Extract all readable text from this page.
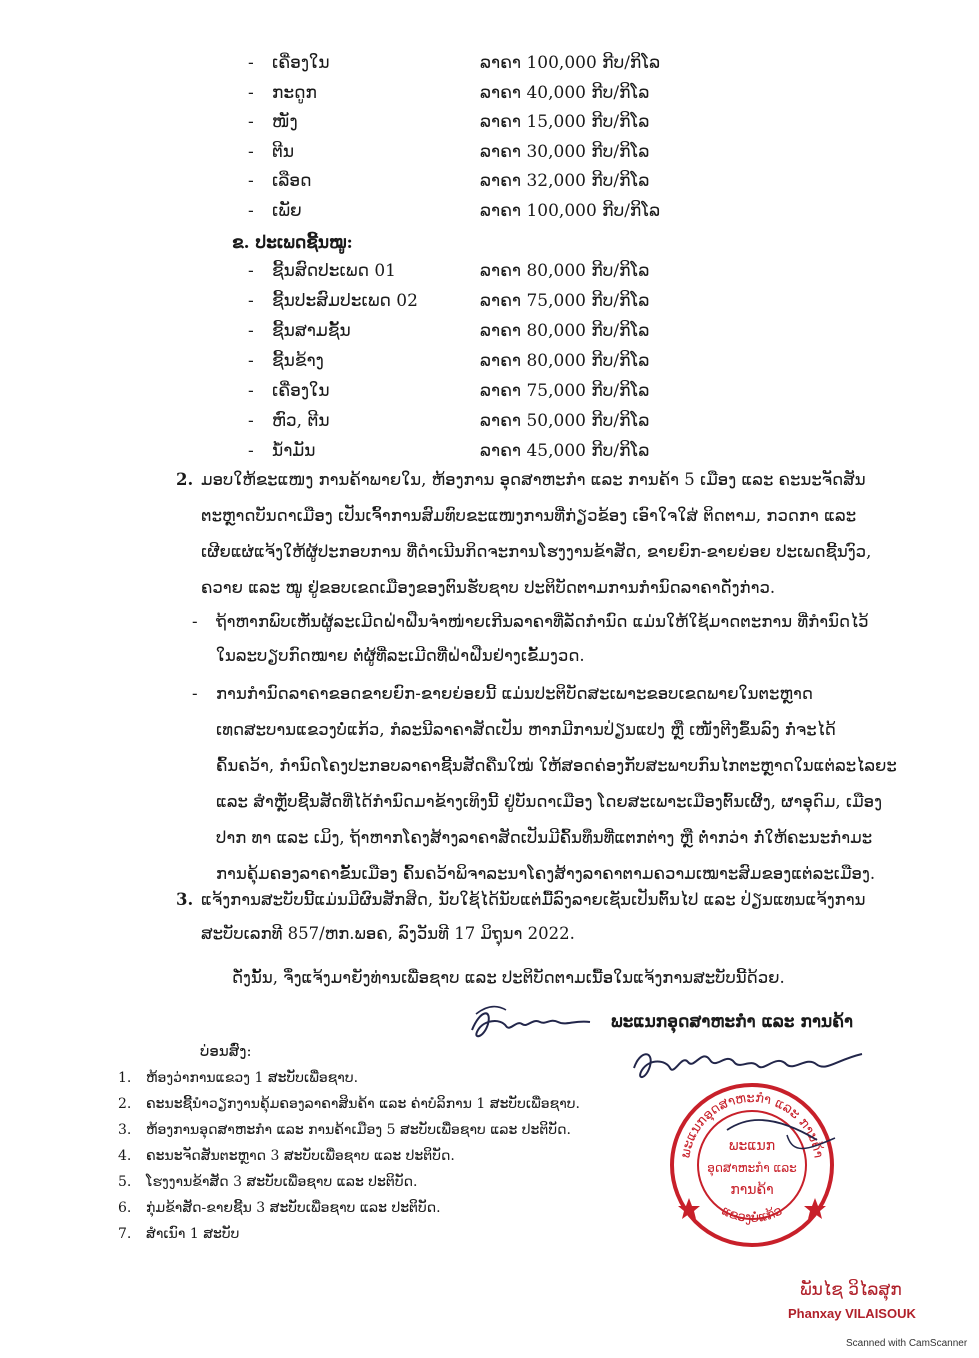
- ເຄື່ອງໃນ	ລາຄາ 100,000 ກີບ/ກິໂລ
- ກະດູກ	ລາຄາ 40,000 ກີບ/ກິໂລ
- ໜັງ	ລາຄາ 15,000 ກີບ/ກິໂລ
- ຕີນ	ລາຄາ 30,000 ກີບ/ກິໂລ
- ເລືອດ	ລາຄາ 32,000 ກີບ/ກິໂລ
- ເພັຍ	ລາຄາ 100,000 ກີບ/ກິໂລ
ຂ. ປະເພດຊີ້ນໝູ:
- ຊີ້ນສົດປະເພດ 01	ລາຄາ 80,000 ກີບ/ກິໂລ
- ຊີ້ນປະສົມປະເພດ 02	ລາຄາ 75,000 ກີບ/ກິໂລ
- ຊີ້ນສາມຊັ້ນ	ລາຄາ 80,000 ກີບ/ກິໂລ
- ຊີ້ນຂ້າງ	ລາຄາ 80,000 ກີບ/ກິໂລ
- ເຄື່ອງໃນ	ລາຄາ 75,000 ກີບ/ກິໂລ
- ຫົວ, ຕີນ	ລາຄາ 50,000 ກີບ/ກິໂລ
- ນ້ຳມັນ	ລາຄາ 45,000 ກີບ/ກິໂລ
2. ມອບໃຫ້ຂະແໜງ ການຄ້າພາຍໃນ, ຫ້ອງການ ອຸດສາຫະກຳ ແລະ ການຄ້າ 5 ເມືອງ ແລະ ຄະນະຈັດສັນ
ຕະຫຼາດບັນດາເມືອງ ເປັນເຈົ້າການສົມທົບຂະແໜງການທີ່ກ່ຽວຂ້ອງ ເອົາໃຈໃສ່ ຕິດຕາມ, ກວດກາ ແລະ
ເຜີຍແຜ່ແຈ້ງໃຫ້ຜູ້ປະກອບການ ທີ່ດຳເນີນກິດຈະການໂຮງງານຂ້າສັດ, ຂາຍຍົກ-ຂາຍຍ່ອຍ ປະເພດຊີ້ນງົວ,
ຄວາຍ ແລະ ໝູ ຢູ່ຂອບເຂດເມືອງຂອງຕົນຮັບຊາບ ປະຕິບັດຕາມການກຳນົດລາຄາດັ່ງກ່າວ.
- ຖ້າຫາກພົບເຫັນຜູ້ລະເມີດຝ່າຝືນຈຳໜ່າຍເກີນລາຄາທີ່ລັດກຳນົດ ແມ່ນໃຫ້ໃຊ້ມາດຕະການ ທີ່ກຳນົດໄວ້
ໃນລະບຽບກົດໝາຍ ຕໍ່ຜູ້ທີ່ລະເມີດທີ່ຝ່າຝືນຢ່າງເຂັ້ມງວດ.
- ການກຳນົດລາຄາຂອດຂາຍຍົກ-ຂາຍຍ່ອຍນີ້ ແມ່ນປະຕິບັດສະເພາະຂອບເຂດພາຍໃນຕະຫຼາດ
ເທດສະບານແຂວງບໍ່ແກ້ວ, ກໍລະນີລາຄາສັດເປັນ ຫາກມີການປ່ຽນແປງ ຫຼື ເໜັງຕີງຂຶ້ນລົງ ກໍ່ຈະໄດ້
ຄົ້ນຄວ້າ, ກຳນົດໂຄງປະກອບລາຄາຊີ້ນສັດຄືນໃໝ່ ໃຫ້ສອດຄ່ອງກັບສະພາບກົນໄກຕະຫຼາດໃນແຕ່ລະໄລຍະ
ແລະ ສຳຫຼັບຊີ້ນສັດທີ່ໄດ້ກຳນົດມາຂ້າງເທິງນີ້ ຢູ່ບັນດາເມືອງ ໂດຍສະເພາະເມືອງຕົ້ນເຜິ້ງ, ຜາອຸດົມ, ເມືອງ
ປາກ ທາ ແລະ ເມິງ, ຖ້າຫາກໂຄງສ້າງລາຄາສັດເປັນມີຄົ້ນທຶນທີ່ແຕກຕ່າງ ຫຼື ຕໍ່າກວ່າ ກໍ່ໃຫ້ຄະນະກຳມະ
ການຄຸ້ມຄອງລາຄາຂັ້ນເມືອງ ຄົ້ນຄວ້າພິຈາລະນາໂຄງສ້າງລາຄາຕາມຄວາມເໝາະສົມຂອງແຕ່ລະເມືອງ.
3. ແຈ້ງການສະບັບນີ້ແມ່ນມີຜົນສັກສິດ, ນັບໃຊ້ໄດ້ນັບແຕ່ມື້ລົງລາຍເຊັນເປັນຕົ້ນໄປ ແລະ ປ່ຽນແທນແຈ້ງການ
ສະບັບເລກທີ 857/ຫກ.ພອຄ, ລົງວັນທີ 17 ມິຖຸນາ 2022.
ດັ່ງນັ້ນ, ຈຶ່ງແຈ້ງມາຍັງທ່ານເພື່ອຊາບ ແລະ ປະຕິບັດຕາມເນື້ອໃນແຈ້ງການສະບັບນີ້ດ້ວຍ.
ພະແນກອຸດສາຫະກຳ ແລະ ການຄ້າ
ບ່ອນສົ່ງ:
1. ຫ້ອງວ່າການແຂວງ 1 ສະບັບເພື່ອຊາບ.
2. ຄະນະຊີ້ນຳວຽກງານຄຸ້ມຄອງລາຄາສິນຄ້າ ແລະ ຄ່າບໍລິການ 1 ສະບັບເພື່ອຊາບ.
3. ຫ້ອງການອຸດສາຫະກຳ ແລະ ການຄ້າເມືອງ 5 ສະບັບເພື່ອຊາບ ແລະ ປະຕິບັດ.
4. ຄະນະຈັດສັນຕະຫຼາດ 3 ສະບັບເພື່ອຊາບ ແລະ ປະຕິບັດ.
5. ໂຮງງານຂ້າສັດ 3 ສະບັບເພື່ອຊາບ ແລະ ປະຕິບັດ.
6. ກຸ່ມຂ້າສັດ-ຂາຍຊີ້ນ 3 ສະບັບເພື່ອຊາບ ແລະ ປະຕິບັດ.
7. ສຳເນົາ 1 ສະບັບ
ພະແນກອຸດສາຫະກຳ ແລະ ການຄ້າ
ແຂວງບໍ່ແກ້ວ
ພະແນກ
ອຸດສາຫະກຳ ແລະ
ການຄ້າ
ພັນໄຊ ວິໄລສຸກ
Phanxay VILAISOUK
Scanned with CamScanner
